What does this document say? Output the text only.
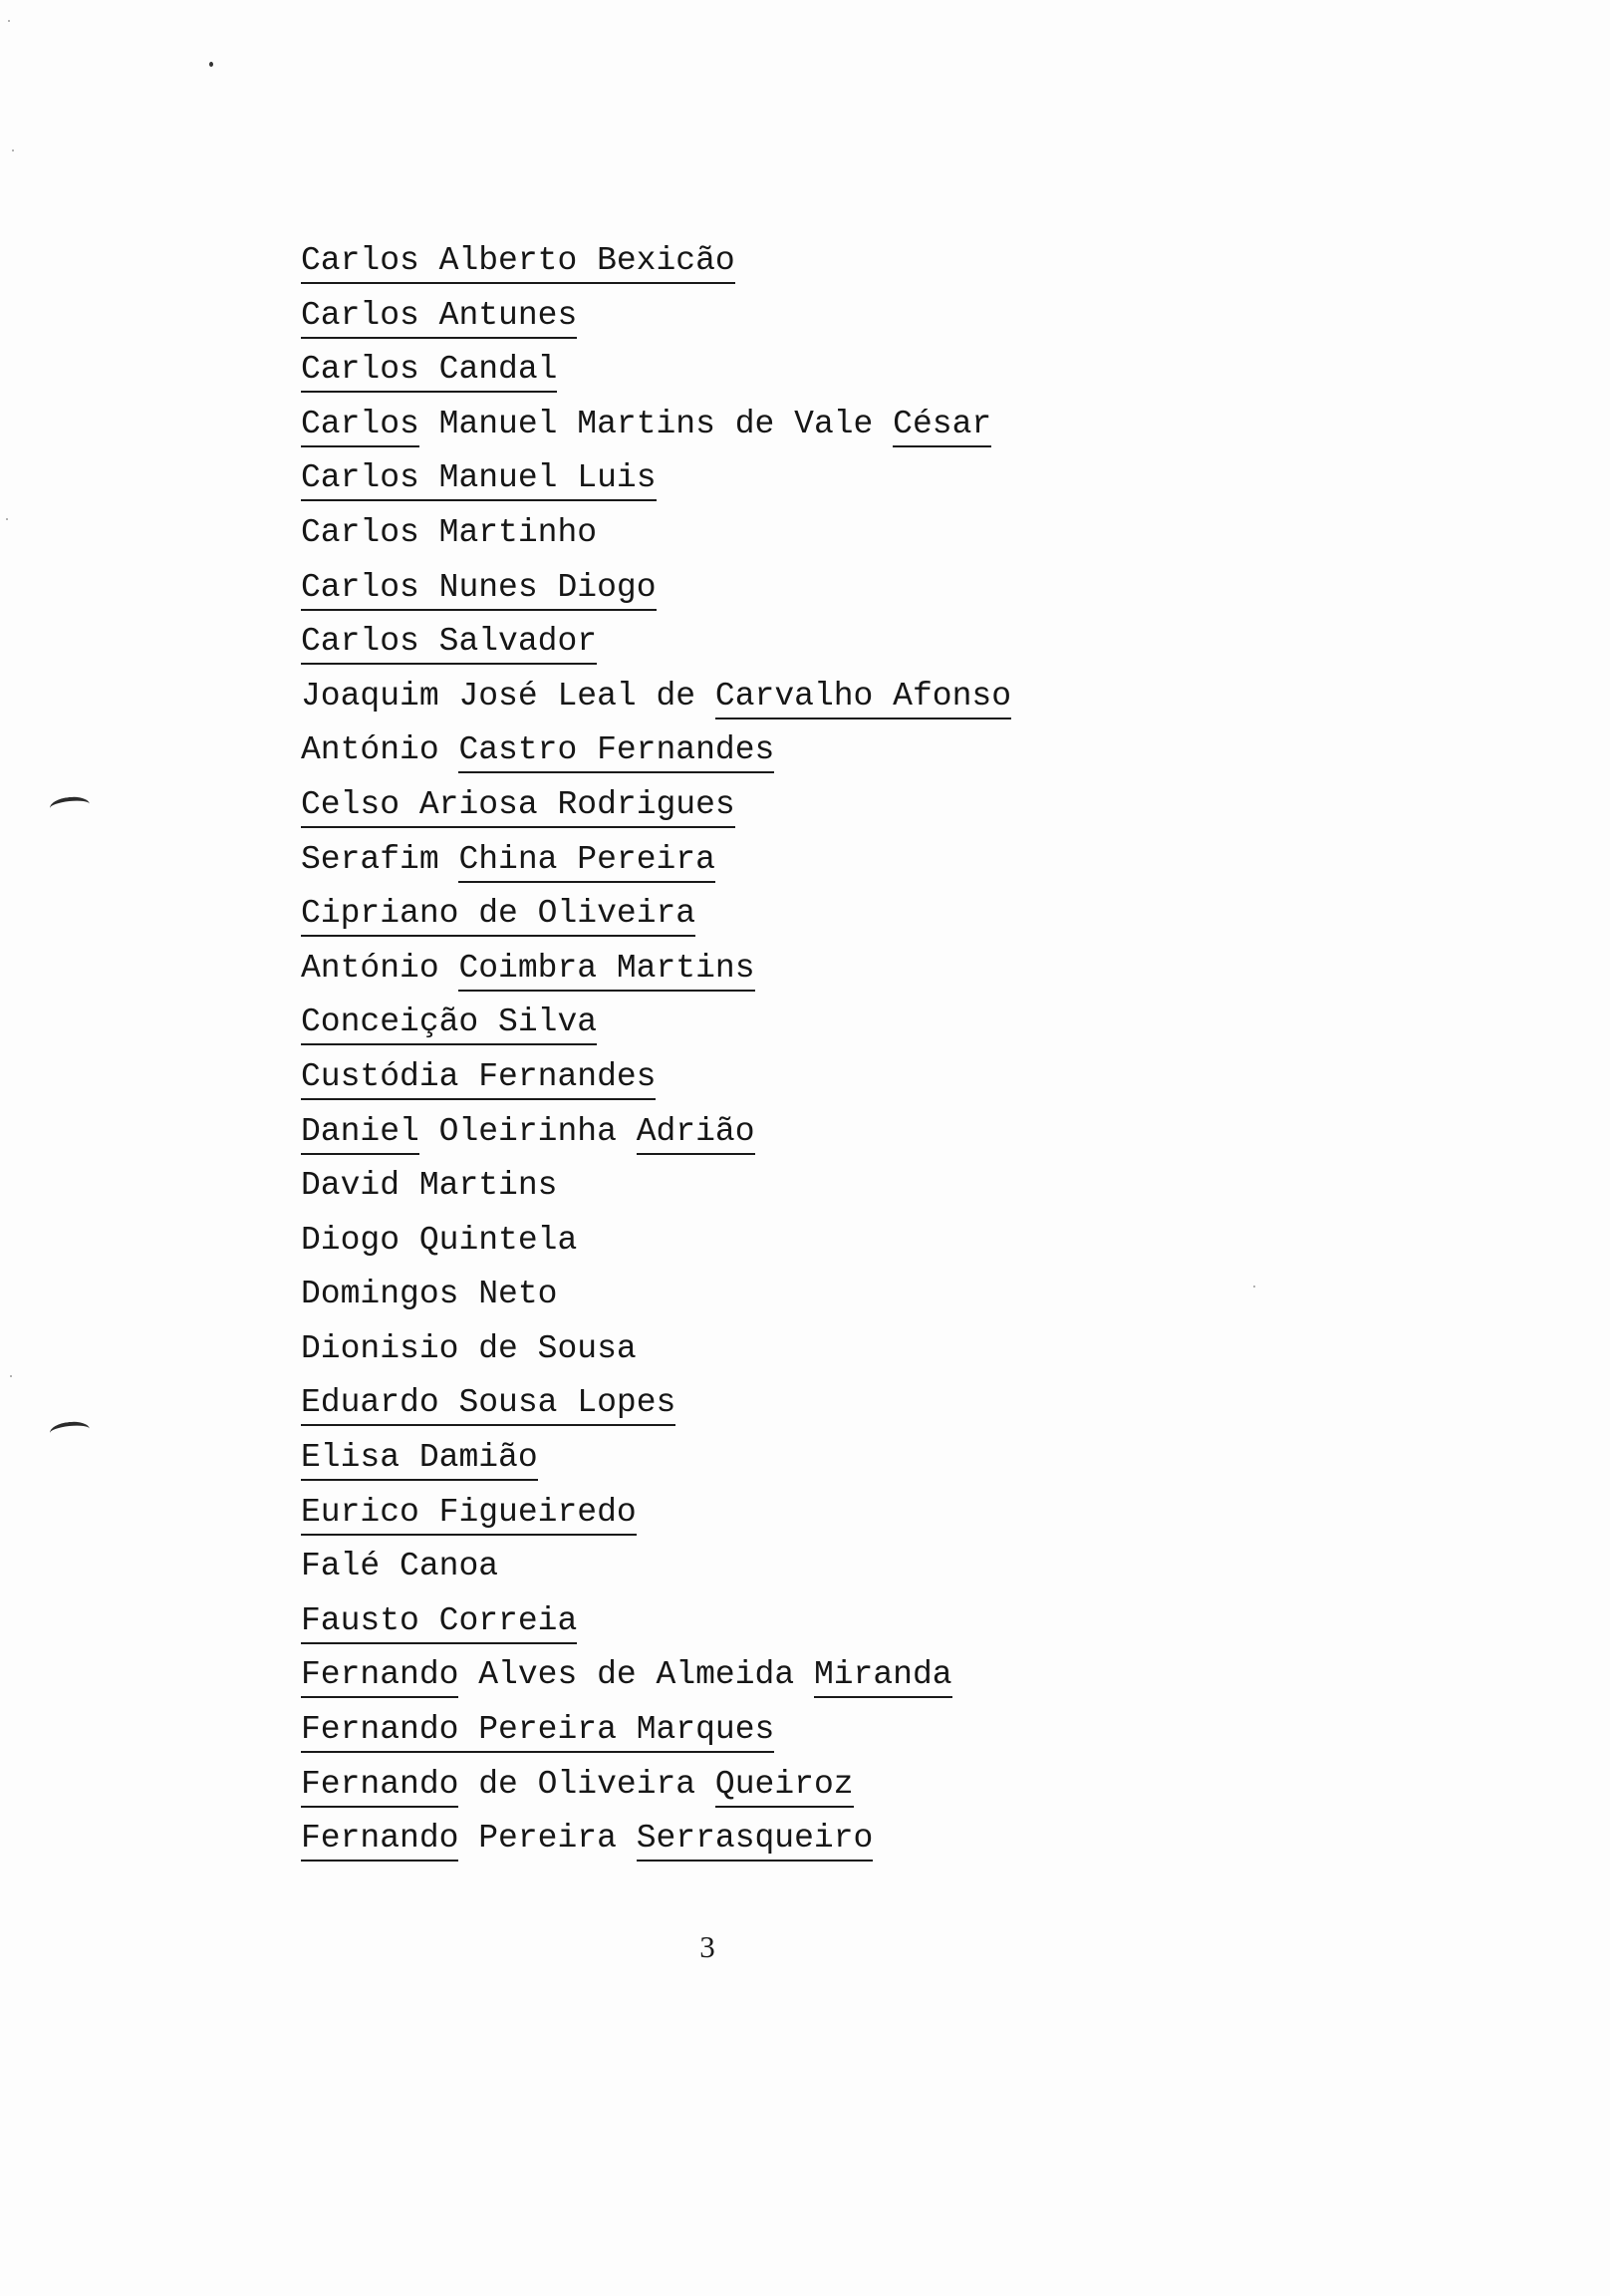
Carlos Alberto Bexicão
Carlos Antunes
Carlos Candal
Carlos Manuel Martins de Vale César
Carlos Manuel Luis
Carlos Martinho
Carlos Nunes Diogo
Carlos Salvador
Joaquim José Leal de Carvalho Afonso
António Castro Fernandes
Celso Ariosa Rodrigues
Serafim China Pereira
Cipriano de Oliveira
António Coimbra Martins
Conceição Silva
Custódia Fernandes
Daniel Oleirinha Adrião
David Martins
Diogo Quintela
Domingos Neto
Dionisio de Sousa
Eduardo Sousa Lopes
Elisa Damião
Eurico Figueiredo
Falé Canoa
Fausto Correia
Fernando Alves de Almeida Miranda
Fernando Pereira Marques
Fernando de Oliveira Queiroz
Fernando Pereira Serrasqueiro
3
